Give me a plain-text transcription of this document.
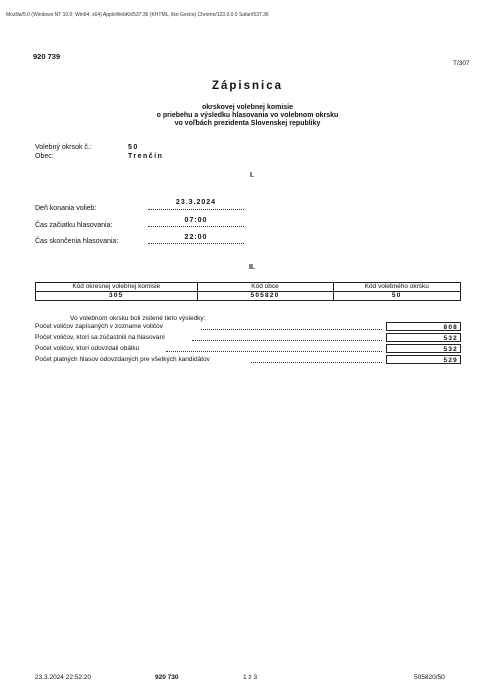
Mozilla/5.0 (Windows NT 10.0; Win64; x64) AppleWebKit/537.36 (KHTML, like Gecko) Chrome/123.0.0.0 Safari/537.36
920 739
T/307
Zápisnica
okrskovej volebnej komisie
o priebehu a výsledku hlasovania vo volebnom okrsku
vo voľbách prezidenta Slovenskej republiky
Volebný okrsok č.:	50
Obec:	Trenčín
I.
Deň konania volieb:
23.3.2024
Čas začiatku hlasovania:
07:00
Čas skončenia hlasovania:
22:00
II.
Kód okresnej volebnej komisie	Kód obce	Kód volebného okrsku
305	505820	50
Vo volebnom okrsku boli zistené tieto výsledky:
Počet voličov zapísaných v zozname voličov	808
Počet voličov, ktorí sa zúčastnili na hlasovaní	532
Počet voličov, ktorí odovzdali obálku	532
Počet platných hlasov odovzdaných pre všetkých kandidátov	529
23.3.2024 22:52:20	920 730	1 z 3	505820/50
